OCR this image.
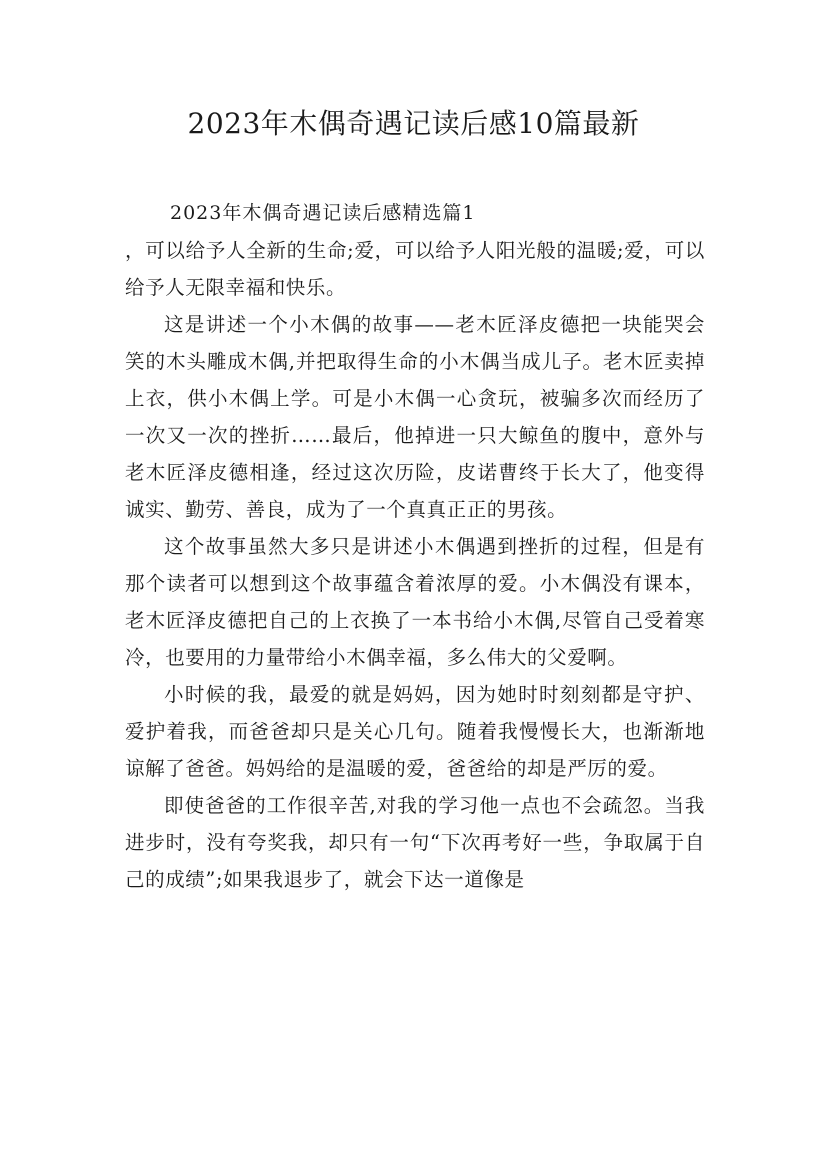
2023年木偶奇遇记读后感10篇最新
2023年木偶奇遇记读后感精选篇1

，可以给予人全新的生命;爱，可以给予人阳光般的温暖;爱，可以给予人无限幸福和快乐。

这是讲述一个小木偶的故事——老木匠泽皮德把一块能哭会笑的木头雕成木偶,并把取得生命的小木偶当成儿子。老木匠卖掉上衣，供小木偶上学。可是小木偶一心贪玩，被骗多次而经历了一次又一次的挫折……最后，他掉进一只大鲸鱼的腹中，意外与老木匠泽皮德相逢，经过这次历险，皮诺曹终于长大了，他变得诚实、勤劳、善良，成为了一个真真正正的男孩。

这个故事虽然大多只是讲述小木偶遇到挫折的过程，但是有那个读者可以想到这个故事蕴含着浓厚的爱。小木偶没有课本，老木匠泽皮德把自己的上衣换了一本书给小木偶,尽管自己受着寒冷，也要用的力量带给小木偶幸福，多么伟大的父爱啊。

小时候的我，最爱的就是妈妈，因为她时时刻刻都是守护、爱护着我，而爸爸却只是关心几句。随着我慢慢长大，也渐渐地谅解了爸爸。妈妈给的是温暖的爱，爸爸给的却是严厉的爱。

即使爸爸的工作很辛苦,对我的学习他一点也不会疏忽。当我进步时，没有夸奖我，却只有一句“下次再考好一些，争取属于自己的成绩”;如果我退步了，就会下达一道像是
